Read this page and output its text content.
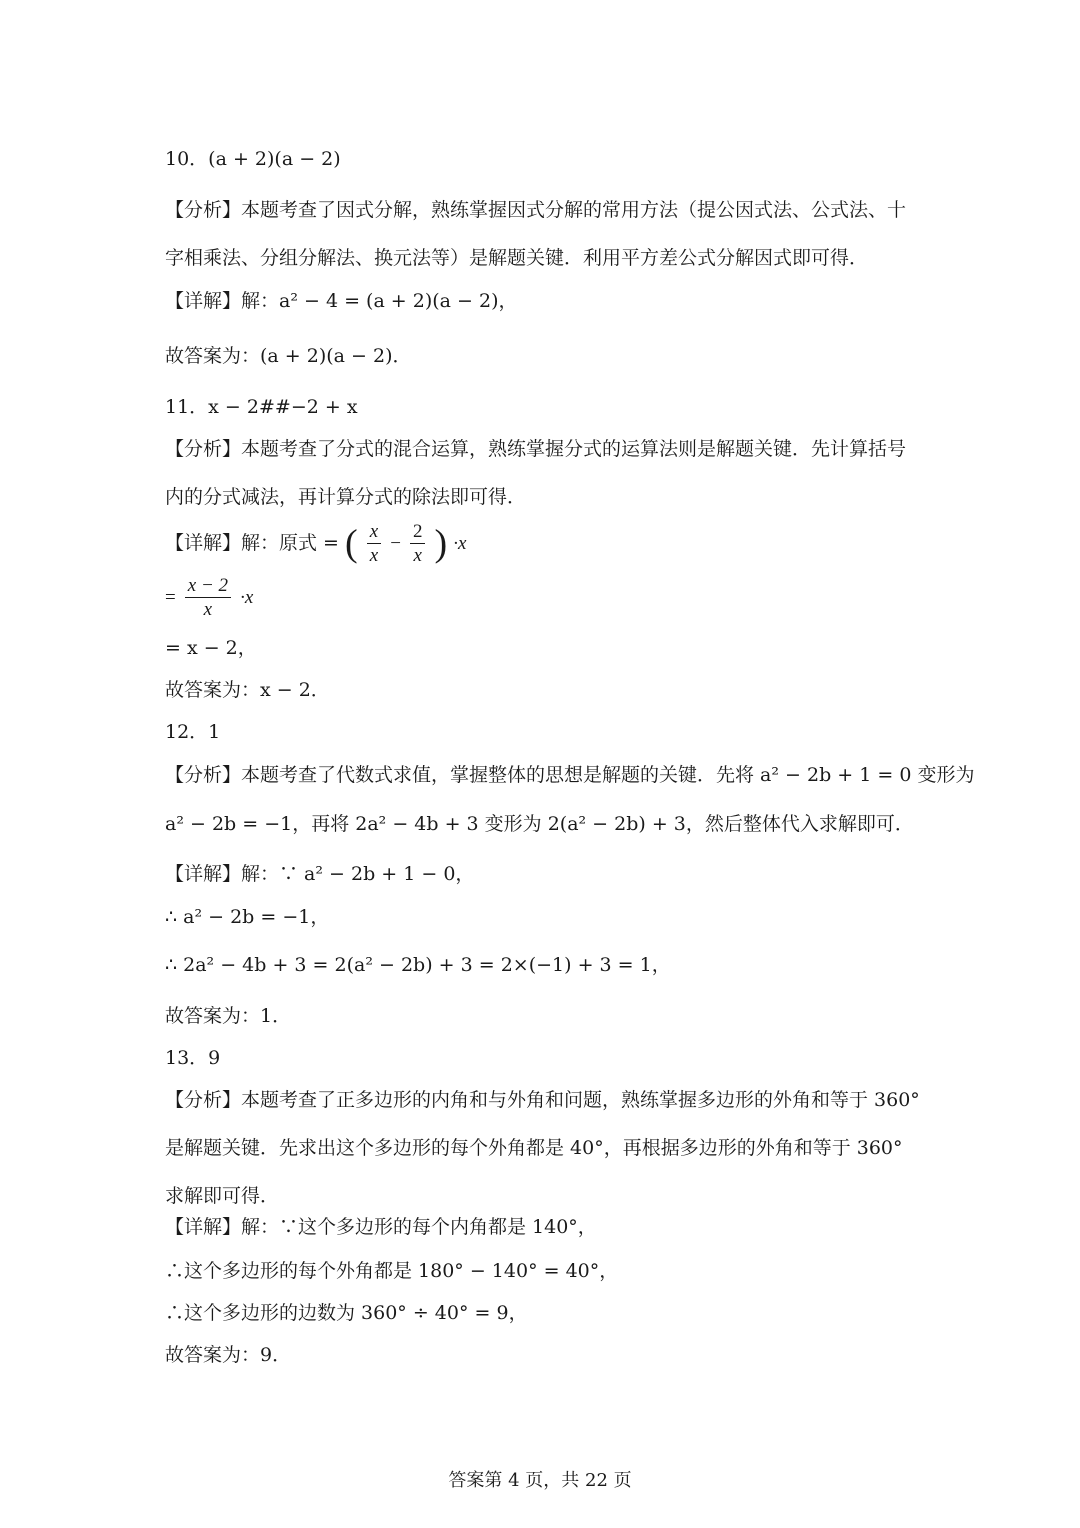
10．(a + 2)(a − 2)
【分析】本题考查了因式分解，熟练掌握因式分解的常用方法（提公因式法、公式法、十字相乘法、分组分解法、换元法等）是解题关键．利用平方差公式分解因式即可得．
【详解】解：a² − 4 = (a + 2)(a − 2)，
故答案为：(a + 2)(a − 2)．
11．x − 2##−2 + x
【分析】本题考查了分式的混合运算，熟练掌握分式的运算法则是解题关键．先计算括号内的分式减法，再计算分式的除法即可得．
【详解】解：原式 = ( $\frac{x}{x} - \frac{2}{x}$ ) ·x
= $\frac{x - 2}{x} \cdot x$
= x − 2，
故答案为：x − 2．
12．1
【分析】本题考查了代数式求值，掌握整体的思想是解题的关键．先将 a² − 2b + 1 = 0 变形为
a² − 2b = −1，再将 2a² − 4b + 3 变形为 2(a² − 2b) + 3，然后整体代入求解即可．
【详解】解：∵ a² − 2b + 1 − 0，
∴ a² − 2b = −1，
∴ 2a² − 4b + 3 = 2(a² − 2b) + 3 = 2×(−1) + 3 = 1，
故答案为：1．
13．9
【分析】本题考查了正多边形的内角和与外角和问题，熟练掌握多边形的外角和等于 360° 是解题关键．先求出这个多边形的每个外角都是 40°，再根据多边形的外角和等于 360° 求解即可得．
【详解】解：∵这个多边形的每个内角都是 140°，
∴这个多边形的每个外角都是 180° − 140° = 40°，
∴这个多边形的边数为 360° ÷ 40° = 9，
故答案为：9．
答案第 4 页，共 22 页
